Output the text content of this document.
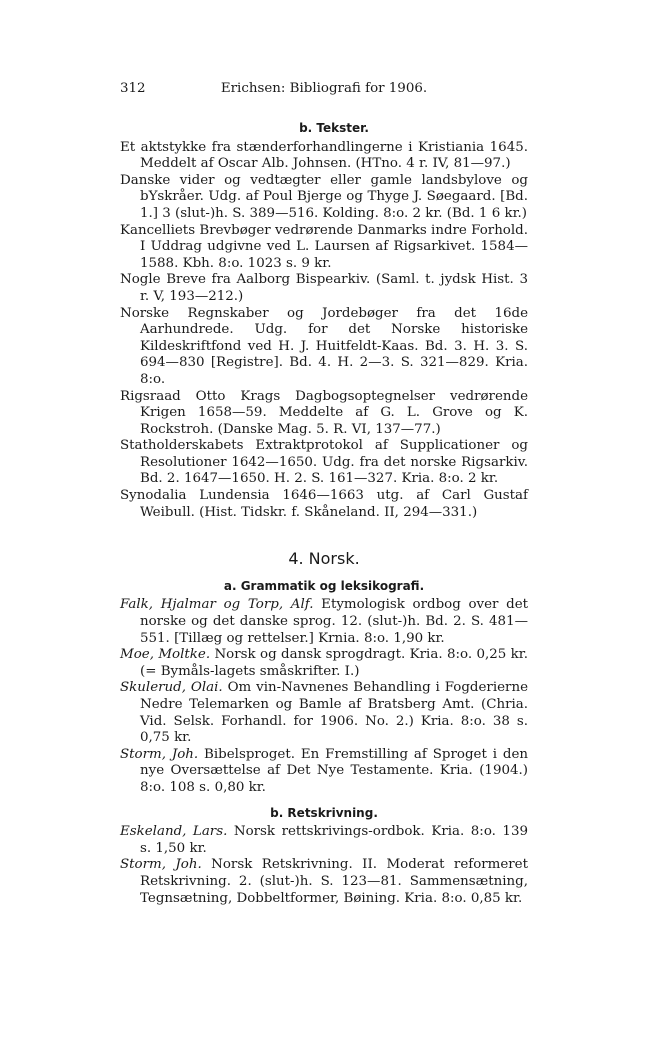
312	Erichsen: Bibliografi for 1906.
b. Tekster.

Et aktstykke fra stænderforhandlingerne i Kristiania 1645. Meddelt af Oscar Alb. Johnsen. (HTno. 4 r. IV, 81—97.)

Danske vider og vedtægter eller gamle landsbylove og bYskråer. Udg. af Poul Bjerge og Thyge J. Søegaard. [Bd. 1.] 3 (slut-)h. S. 389—516. Kolding. 8:o. 2 kr. (Bd. 1 6 kr.)

Kancelliets Brevbøger vedrørende Danmarks indre Forhold. I Uddrag udgivne ved L. Laursen af Rigsarkivet. 1584—1588. Kbh. 8:o. 1023 s. 9 kr.

Nogle Breve fra Aalborg Bispearkiv. (Saml. t. jydsk Hist. 3 r. V, 193—212.)

Norske Regnskaber og Jordebøger fra det 16de Aarhundrede. Udg. for det Norske historiske Kildeskriftfond ved H. J. Huitfeldt-Kaas. Bd. 3. H. 3. S. 694—830 [Registre]. Bd. 4. H. 2—3. S. 321—829. Kria. 8:o.

Rigsraad Otto Krags Dagbogsoptegnelser vedrørende Krigen 1658—59. Meddelte af G. L. Grove og K. Rockstroh. (Danske Mag. 5. R. VI, 137—77.)

Statholderskabets Extraktprotokol af Supplicationer og Resolutioner 1642—1650. Udg. fra det norske Rigsarkiv. Bd. 2. 1647—1650. H. 2. S. 161—327. Kria. 8:o. 2 kr.

Synodalia Lundensia 1646—1663 utg. af Carl Gustaf Weibull. (Hist. Tidskr. f. Skåneland. II, 294—331.)

4. Norsk.
a. Grammatik og leksikografi.

Falk, Hjalmar og Torp, Alf. Etymologisk ordbog over det norske og det danske sprog. 12. (slut-)h. Bd. 2. S. 481—551. [Tillæg og rettelser.] Krnia. 8:o. 1,90 kr.

Moe, Moltke. Norsk og dansk sprogdragt. Kria. 8:o. 0,25 kr. (= Bymåls-lagets småskrifter. I.)

Skulerud, Olai. Om vin-Navnenes Behandling i Fogderierne Nedre Telemarken og Bamle af Bratsberg Amt. (Chria. Vid. Selsk. Forhandl. for 1906. No. 2.) Kria. 8:o. 38 s. 0,75 kr.

Storm, Joh. Bibelsproget. En Fremstilling af Sproget i den nye Oversættelse af Det Nye Testamente. Kria. (1904.) 8:o. 108 s. 0,80 kr.

b. Retskrivning.

Eskeland, Lars. Norsk rettskrivings-ordbok. Kria. 8:o. 139 s. 1,50 kr.

Storm, Joh. Norsk Retskrivning. II. Moderat reformeret Retskrivning. 2. (slut-)h. S. 123—81. Sammensætning, Tegnsætning, Dobbeltformer, Bøining. Kria. 8:o. 0,85 kr.
